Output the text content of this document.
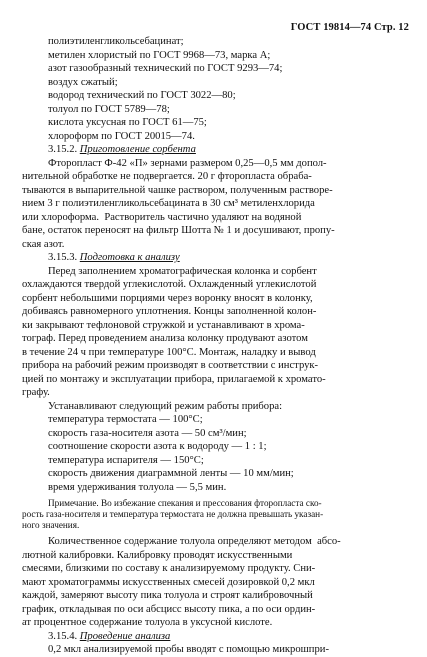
ГОСТ 19814—74 Стр. 12
полиэтиленгликольсебацинат;
метилен хлористый по ГОСТ 9968—73, марка А;
азот газообразный технический по ГОСТ 9293—74;
воздух сжатый;
водород технический по ГОСТ 3022—80;
толуол по ГОСТ 5789—78;
кислота уксусная по ГОСТ 61—75;
хлороформ по ГОСТ 20015—74.
3.15.2. Приготовление сорбента
Фторопласт Ф-42 «П» зернами размером 0,25—0,5 мм допол-
нительной обработке не подвергается. 20 г фторопласта обраба-
тываются в выпарительной чашке раствором, полученным растворе-
нием 3 г полиэтиленгликольсебацината в 30 см³ метиленхлорида
или хлороформа.  Растворитель частично удаляют на водяной
бане, остаток переносят на фильтр Шотта № 1 и досушивают, пропу-
ская азот.
3.15.3. Подготовка к анализу
Перед заполнением хроматографическая колонка и сорбент
охлаждаются твердой углекислотой. Охлажденный углекислотой
сорбент небольшими порциями через воронку вносят в колонку,
добиваясь равномерного уплотнения. Концы заполненной колон-
ки закрывают тефлоновой стружкой и устанавливают в хрома-
тограф. Перед проведением анализа колонку продувают азотом
в течение 24 ч при температуре 100°С. Монтаж, наладку и вывод
прибора на рабочий режим производят в соответствии с инструк-
цией по монтажу и эксплуатации прибора, прилагаемой к хромато-
графу.
Устанавливают следующий режим работы прибора:
температура термостата — 100°С;
скорость газа-носителя азота — 50 см³/мин;
соотношение скорости азота к водороду — 1 : 1;
температура испарителя — 150°С;
скорость движения диаграммной ленты — 10 мм/мин;
время удерживания толуола — 5,5 мин.
Примечание. Во избежание спекания и прессования фторопласта ско-
рость газа-носителя и температура термостата не должна превышать указан-
ного значения.
Количественное содержание толуола определяют методом  абсо-
лютной калибровки. Калибровку проводят искусственными
смесями, близкими по составу к анализируемому продукту. Сни-
мают хроматограммы искусственных смесей дозировкой 0,2 мкл
каждой, замеряют высоту пика толуола и строят калибровочный
график, откладывая по оси абсцисс высоту пика, а по оси ордин-
ат процентное содержание толуола в уксусной кислоте.
3.15.4. Проведение анализа
0,2 мкл анализируемой пробы вводят с помощью микрошпри-
